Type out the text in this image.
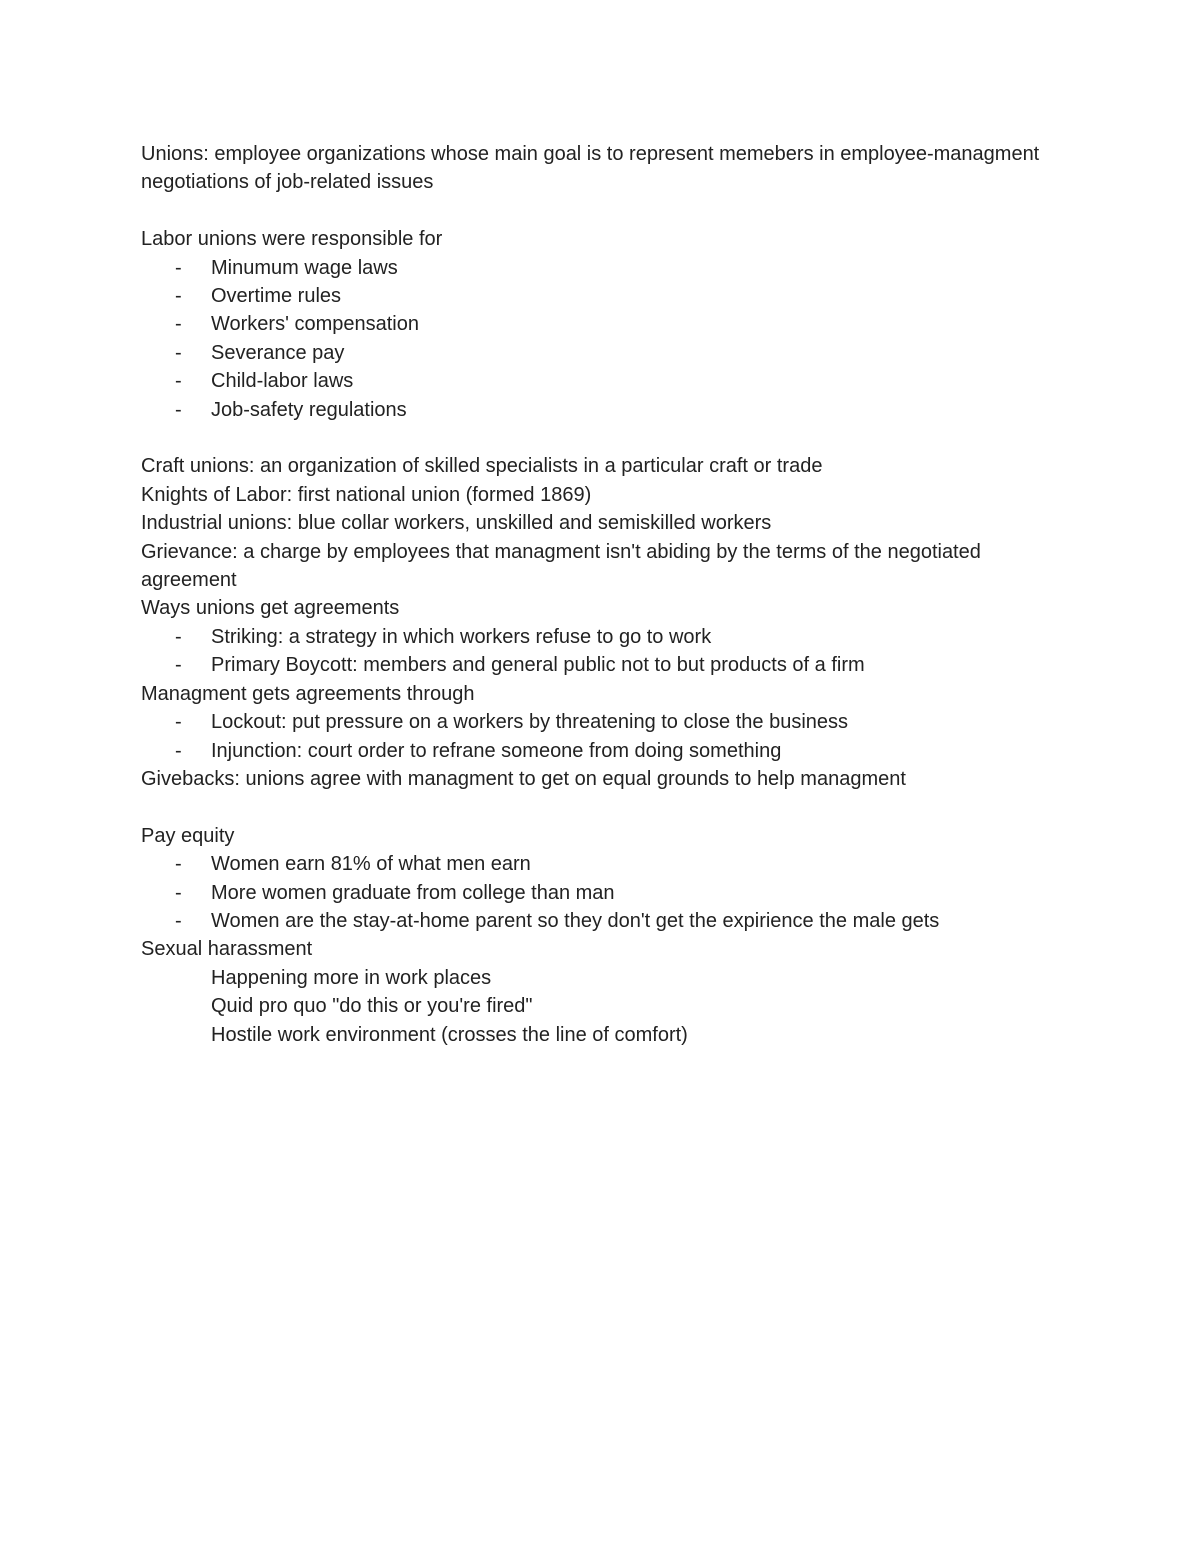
Unions: employee organizations whose main goal is to represent memebers in employee-managment negotiations of job-related issues

Labor unions were responsible for

- Minumum wage laws
- Overtime rules
- Workers' compensation
- Severance pay
- Child-labor laws
- Job-safety regulations

Craft unions: an organization of skilled specialists in a particular craft or trade

Knights of Labor: first national union (formed 1869)

Industrial unions: blue collar workers, unskilled and semiskilled workers

Grievance: a charge by employees that managment isn't abiding by the terms of the negotiated agreement

Ways unions get agreements

- Striking: a strategy in which workers refuse to go to work
- Primary Boycott: members and general public not to but products of a firm

Managment gets agreements through

- Lockout: put pressure on a workers by threatening to close the business
- Injunction: court order to refrane someone from doing something

Givebacks: unions agree with managment to get on equal grounds to help managment

Pay equity

- Women earn 81% of what men earn
- More women graduate from college than man
- Women are the stay-at-home parent so they don't get the expirience the male gets

Sexual harassment

Happening more in work places
Quid pro quo "do this or you're fired"
Hostile work environment (crosses the line of comfort)
